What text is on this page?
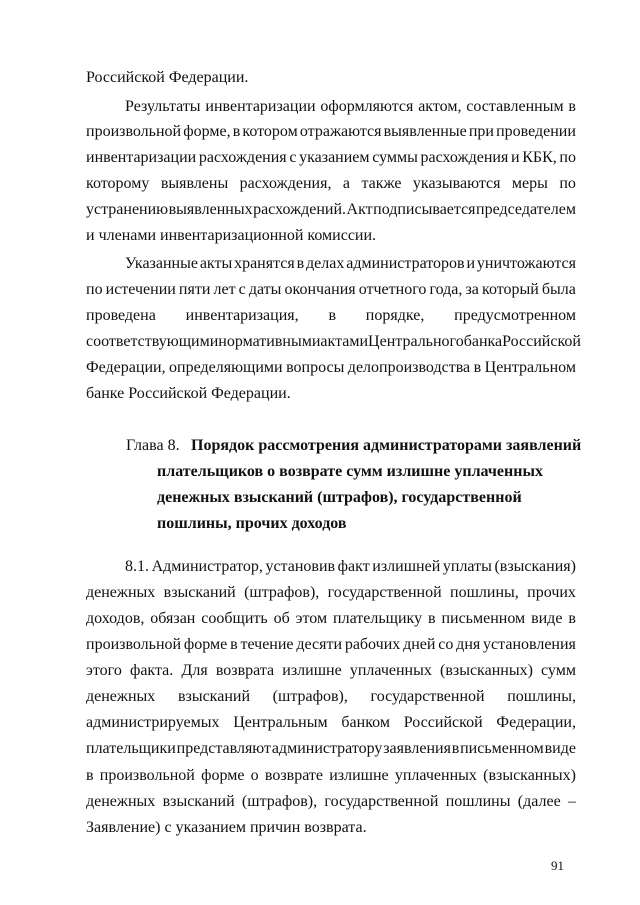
Российской Федерации.
Результаты инвентаризации оформляются актом, составленным в
произвольной форме, в котором отражаются выявленные при проведении
инвентаризации расхождения с указанием суммы расхождения и КБК, по
которому выявлены расхождения, а также указываются меры по
устранению выявленных расхождений. Акт подписывается председателем
и членами инвентаризационной комиссии.
Указанные акты хранятся в делах администраторов и уничтожаются
по истечении пяти лет с даты окончания отчетного года, за который была
проведена инвентаризация, в порядке, предусмотренном
соответствующими нормативными актами Центрального банка Российской
Федерации, определяющими вопросы делопроизводства в Центральном
банке Российской Федерации.
8.1. Администратор, установив факт излишней уплаты (взыскания)
денежных взысканий (штрафов), государственной пошлины, прочих
доходов, обязан сообщить об этом плательщику в письменном виде в
произвольной форме в течение десяти рабочих дней со дня установления
этого факта. Для возврата излишне уплаченных (взысканных) сумм
денежных взысканий (штрафов), государственной пошлины,
администрируемых Центральным банком Российской Федерации,
плательщики представляют администратору заявления в письменном виде
в произвольной форме о возврате излишне уплаченных (взысканных)
денежных взысканий (штрафов), государственной пошлины (далее –
Заявление) с указанием причин возврата.
Глава 8. Порядок рассмотрения администраторами заявлений
плательщиков о возврате сумм излишне уплаченных
денежных взысканий (штрафов), государственной
пошлины, прочих доходов
91
